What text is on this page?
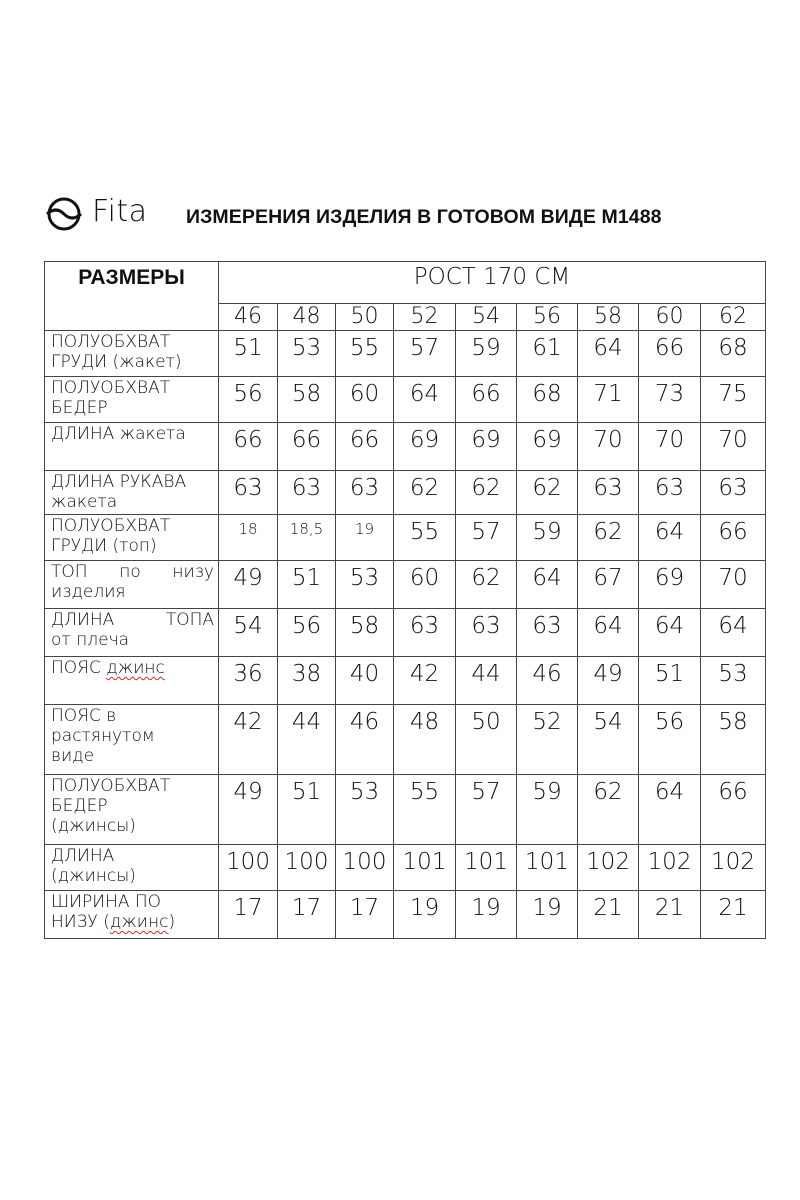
Fita ИЗМЕРЕНИЯ ИЗДЕЛИЯ В ГОТОВОМ ВИДЕ М1488
РАЗМЕРЫ	РОСТ 170 СМ								
	46	48	50	52	54	56	58	60	62

ПОЛУОБХВАТ
ГРУДИ (жакет)	51	53	55	57	59	61	64	66	68

ПОЛУОБХВАТ
БЕДЕР	56	58	60	64	66	68	71	73	75

ДЛИНА жакета	66	66	66	69	69	69	70	70	70

ДЛИНА РУКАВА
жакета	63	63	63	62	62	62	63	63	63

ПОЛУОБХВАТ
ГРУДИ (топ)	18	18,5	19	55	57	59	62	64	66

ТОП по низу
изделия	49	51	53	60	62	64	67	69	70

ДЛИНА ТОПА
от плеча	54	56	58	63	63	63	64	64	64

ПОЯС джинс	36	38	40	42	44	46	49	51	53

ПОЯС в
растянутом
виде	42	44	46	48	50	52	54	56	58

ПОЛУОБХВАТ
БЕДЕР
(джинсы)	49	51	53	55	57	59	62	64	66

ДЛИНА
(джинсы)	100	100	100	101	101	101	102	102	102

ШИРИНА ПО
НИЗУ (джинс)	17	17	17	19	19	19	21	21	21
